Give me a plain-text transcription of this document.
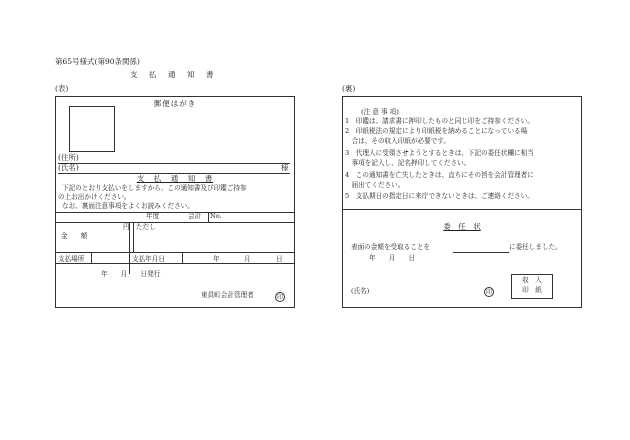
第65号様式(第90条関係)
支　払　通　知　書
(表)
郵便はがき
(住所)
(氏名)	様
支　払　通　知　書
下記のとおり支払いをしますから、この通知書及び印鑑ご持参
の上お出かけください。
なお、裏面注意事項をよくお読みください。
年度	会計 No.
金　　額
円 ただし
支払場所	支払年月日	年	月	日
年　　月　　日発行
東員町会計管理者	印
(裏)
(注 意 事 項)
1　印鑑は、請求書に押印したものと同じ印をご持参ください。
2　印紙税法の規定により印紙税を納めることになっている場
　合は、その収入印紙が必要です。
3　代理人に受領させようとするときは、下記の委任状欄に相当
　事項を記入し、記名押印してください。
4　この通知書を亡失したときは、直ちにその旨を会計管理者に
　届出てください。
5　支払期日の指定日に来庁できないときは、ご連絡ください。
委　任　状
表面の金額を受取ることを	に委任しました。
年　　月　　日
(氏名)	印
収　入
印　紙
